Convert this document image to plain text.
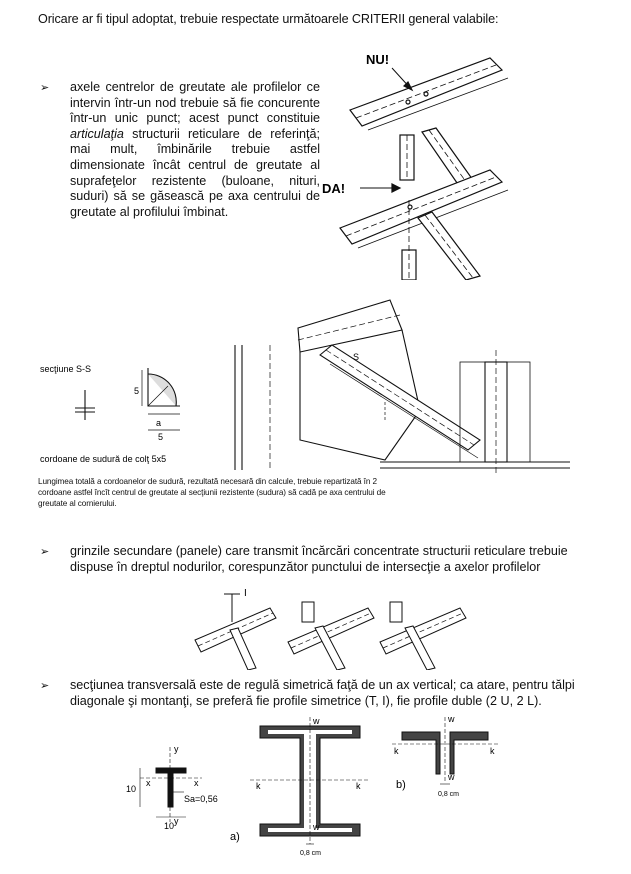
Oricare ar fi tipul adoptat, trebuie respectate următoarele CRITERII general valabile:
➢ axele centrelor de greutate ale profilelor ce intervin într-un nod trebuie să fie concurente într-un unic punct; acest punct constituie articulaţia structurii reticulare de referinţă; mai mult, îmbinările trebuie astfel dimensionate încât centrul de greutate al suprafeţelor rezistente (buloane, nituri, suduri) să se găsească pe axa centrului de greutate al profilului îmbinat.
NU!
DA!
secţiune S-S
5
5
a
cordoane de sudură de colţ 5x5
S
Lungimea totală a cordoanelor de sudură, rezultată necesară din calcule, trebuie repartizată în 2 cordoane astfel încît centrul de greutate al secţiunii rezistente (sudura) să cadă pe axa centrului de greutate al cornierului.
➢ grinzile secundare (panele) care transmit încărcări concentrate structurii reticulare trebuie dispuse în dreptul nodurilor, corespunzător punctului de intersecţie a axelor profilelor
I
➢ secţiunea transversală este de regulă simetrică faţă de un ax vertical; ca atare, pentru tălpi diagonale şi montanţi, se preferă fie profile simetrice (T, I), fie profile duble (2 U, 2 L).
y
y
x	x
10
10
Sa=0,56
w
w
k	k
0,8 cm
a)
w
w
k	k
0,8 cm
b)
